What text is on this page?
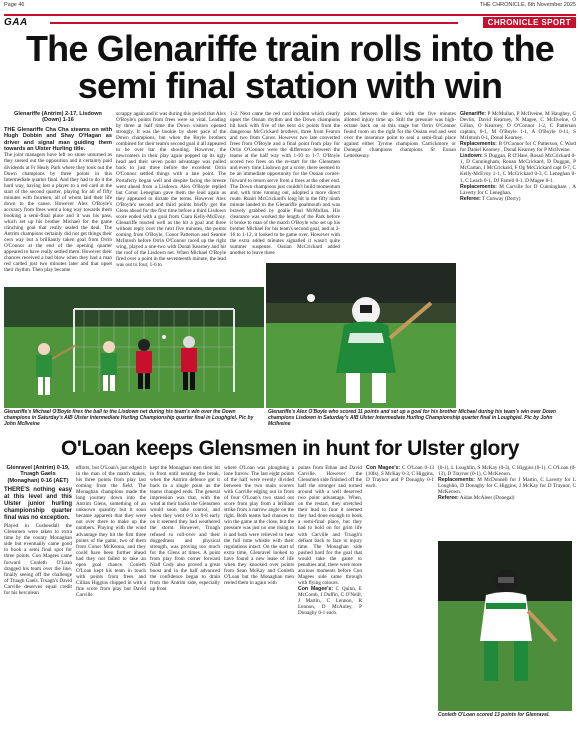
Page 46	THE CHRONICLE, 6th November 2025
GAA	CHRONICLE SPORT
The Glenariffe train rolls into the semi final station with win
Glenariffe (Antrim) 2-17, Lisdown (Down) 1-16

THE Glenariffe Cha Cha steams on with Hugh Dobbin and Shay O'Hagan as driver and signal man guiding them towards an Ulster Hurling title.

The joint managers have left no stone unturned as they sussed out the opposition and it certainly paid dividends at Fr Healy Park where they took out the Down champions by three points in this Intermediate quarter final. And they had to do it the hard way, having lost a player to a red card at the start of the second quarter, playing for all of fifty minutes with fourteen, all of whom laid their life down to the cause. However Alex O'Boyle's accuracy from frees went a long way towards them booking a semi-final place and it was his pass, which set up his brother Michael for the game clinching goal that really sealed the deal. The Antrim champions certainly did not get things their own way but a brilliantly taken goal from Orrin O'Connor at the end of the opening quarter appeared to have really settled them. However their chances received a bad blow when they had a man red carded just two minutes later and that upset their rhythm. Then play became

scrappy again and it was during this period that Alex O'Boyle's points from frees were so vital. Leading by three at half time the Down visitors opened strongly. It was the bookie by sheer pace of the Down champions, but when the Boyle brothers combined for their team's second goal it all appeared to be over bar the shouting. However, the newcomers in their play again popped up its ugly head and their seven point advantage was pulled back to just three before the excellent Orrin O'Connor settled things with a late point. The Portaferry began well and despite facing the breeze went ahead from a Lisdown. Alex O'Boyle replied but Conor Leneghan gave them the lead again as they appeared to dictate the terms. However Alex O'Boyle's second and third points briefly got the Glens ahead for the first time before a third Lisdown score ended with a goal from Ciara Kelly-McEvoy. Glenariffe reacted well as the hit a goal and three without reply over the next five minutes, the points coming from O'Boyle, Conor Patterson and Seamie McIntosh before Orrin O'Connor raced up the right wing, played a one-two with Donal Kearney and hit the roof of the Lisdown net. When Michael O'Boyle fired over a point in the seventeenth minute, the lead was out to four, 1-6 to

1-2. Next came the red card incident which clearly upset the Ossian rhythm and the Down champions hit back with five of the next six points from the dangerous McCrickard brothers, three from Fearon and two from Conor. However two late converted frees from O'Boyle and a final point from play for Orrin O'Connor were the difference between the teams at the half way with 1-10 to 1-7. O'Boyle scored two frees on the re-start for the Glensmen and every time Lisdown got a score, there seemed to be an immediate opportunity for the Ossian corner-forward to return serve from a frees at the other end. The Down champions just couldn't build momentum and, with time running out, adopted a more direct route. Ruairi McCrickard's long hit in the fifty ninth minute landed in the Glenariffe goalmouth and was bravely grabbed by goalie Paul McMullan. His clearance was worked the length of the Park before it broke to man of the match O'Boyle who set up his brother Michael for his team's second goal, and at 2-16 to 1-12, it looked to be game over. However with the extra added minutes signalled it wasn't quite summer suspense. Ossian McCrickard added another to leave three

points between the sides with the five minutes allotted injury time up. Still the pressure was high-octane back on at this stage but Orrin O'Connor found room on the right for the Ossian end and sent over the insurance point to seal a semi-final place against either Tyrone champions Carrickmore or Donegal champions champions St Eunan Letterkenny.

Glenariffe: P McMullan, P McIlveine, M Haughey, C Devlin, David Kearney, N Magee, C McIlveine, O Gillan, O Kearney, O O'Connor 1-2, C Patterson captain, 0-1, M O'Boyle 1-1, A O'Boyle 0-11, S McIntosh 0-1, Donal Kearney.

Replacements: B O'Connor for C Patterson, C Ward for Daniel Kearney , Donal Kearney for P McIlveine.

Lisdown: S Duggan, R O'Hare, Rosari McCrickard 0-1, D Cunningham, Ronan McCrickard, D Duggan, P McCartan, J McCrickard, F Og McCrickard capt 0-7, C Kelly-McEvoy 1-1, C McCrickard 0-3, C Leneghan 0-1, C Leach 0-1, DJ Farrell 0-1, D Magee 0-1.

Replacements: M Carville for D Cunningham , A Laverty for C Leneghan.

Referee: T Conway (Derry)

Glenariffe's Michael O'Boyle fires the ball to the Lisdown net during his team's win over the Down champions in Saturday's AIB Ulster Intermediate Hurling Championship quarter final in Loughgiel. Pic by John McIlveine

Glenariffe's Alex O'Boyle who scored 11 points and set up a goal for his brother Michael during his team's win over Down champions Lisdown in Saturday's AIB Ulster Intermediate Hurling Championship quarter final in Loughgiel. Pic by John McIlveine

O'Loan keeps Glensmen in hunt for Ulster glory
Glenravel (Antrim) 0-19, Truagh Gaels (Monaghan) 0-16 (AET)

THERE'S nothing easy at this level and this Ulster junior hurling championship quarter final was no exception.

Played in Cushendall the Glensmen were taken to extra time by the county Monaghan side but eventually came good to book a semi final spot for three points. Con Magees came forward Conleth O'Loan dragged his team over the line, finally seeing off the challenge of Truagh Gaels. Truagh's David Carville deserves equal credit for his herculean

efforts, but O'Loan's just edged it in the man of the match stakes, his three points from play last coming from the field. The Monaghan champions made the long journey down into the Antrim Glens, something of an unknown quantity but it soon became apparent that they were not over there to make up the numbers. Playing with the wind advantage they hit the first three points of the game, two of them from Conor McKenna, and they could have been further ahead had they not failed to take an open goal chance. Conleth O'Loan kept his team in touch with points from frees and Cillian Higgins chipped in with a fine score from play but David Carville

kept the Monaghan men their bit in front until nearing the break, when the Antrim defence got it back to a single point as the teams changed ends. The general impression was that, with the wind at their backs the Glensmen would soon take control, and when they went 0-9 to 0-8 early on it seemed they had weathered the storm. However, Truagh refused to roll-over and their doggedness and physical strength, was proving too much for the Glens at times. A point from play from corner forward Niall Cody also proved a great boost and in the half advanced the confidence began to drain from the Antrim side, especially up front

where O'Loan was ploughing a lone furrow. The last eight points of the half were evenly divided between the two main scorers with Carville edging out in front of four O'Loan's two stand out score from play from a brilliant strike from a narrow angle on the right. Both teams had chances to win the game at the close, but the pressure was just no one rising to it and both were relieved to hear the full time whistle with their regulations intact. On the start of extra time, Glenravel looked to have found a new lease of life when they knocked over points from Sean McKay and Conleth O'Loan but the Monaghan men reeled them in again with

points from Ethan and David Carville. However the Glensmen side finished off the half the stronger and turned around with a well deserved two point advantage. When, on the restart, they stretched their lead to four it seemed they had done enough to book a semi-final place, but they had to hold on for grim life with Carville and Truagh's defiant back to face in injury time. The Monaghan side pushed hard for the goal that would take the game to penalties and, there were more anxious moments before Con Magees side came through with flying colours.

Con Magee's: C Quinn, E McComb, J Duffin, C O'Neill, J Martin, C Lennon, R Lennon, D McAuley, P Donaghy 0-1 each.

Con Magee's: C O'Loan 0-13 (10fs), S McKay 0-3, C Higgins, D Traynor and P Donaghy 0-1 each.

(0-1), L Loughlin, S McKay (0-3), C Higgins (0-1), C O'Loan (0-13), D Traynor (0-1), C McKeown.

Replacements: M McDonnell for J Martin, C Laverty for L Loughlin, D Donaghy for C Higgins, J McKay for D Traynor, C McKeown.

Referee: Aidan McAleer (Donegal)

Conleth O'Loan scored 13 points for Glenravel.
